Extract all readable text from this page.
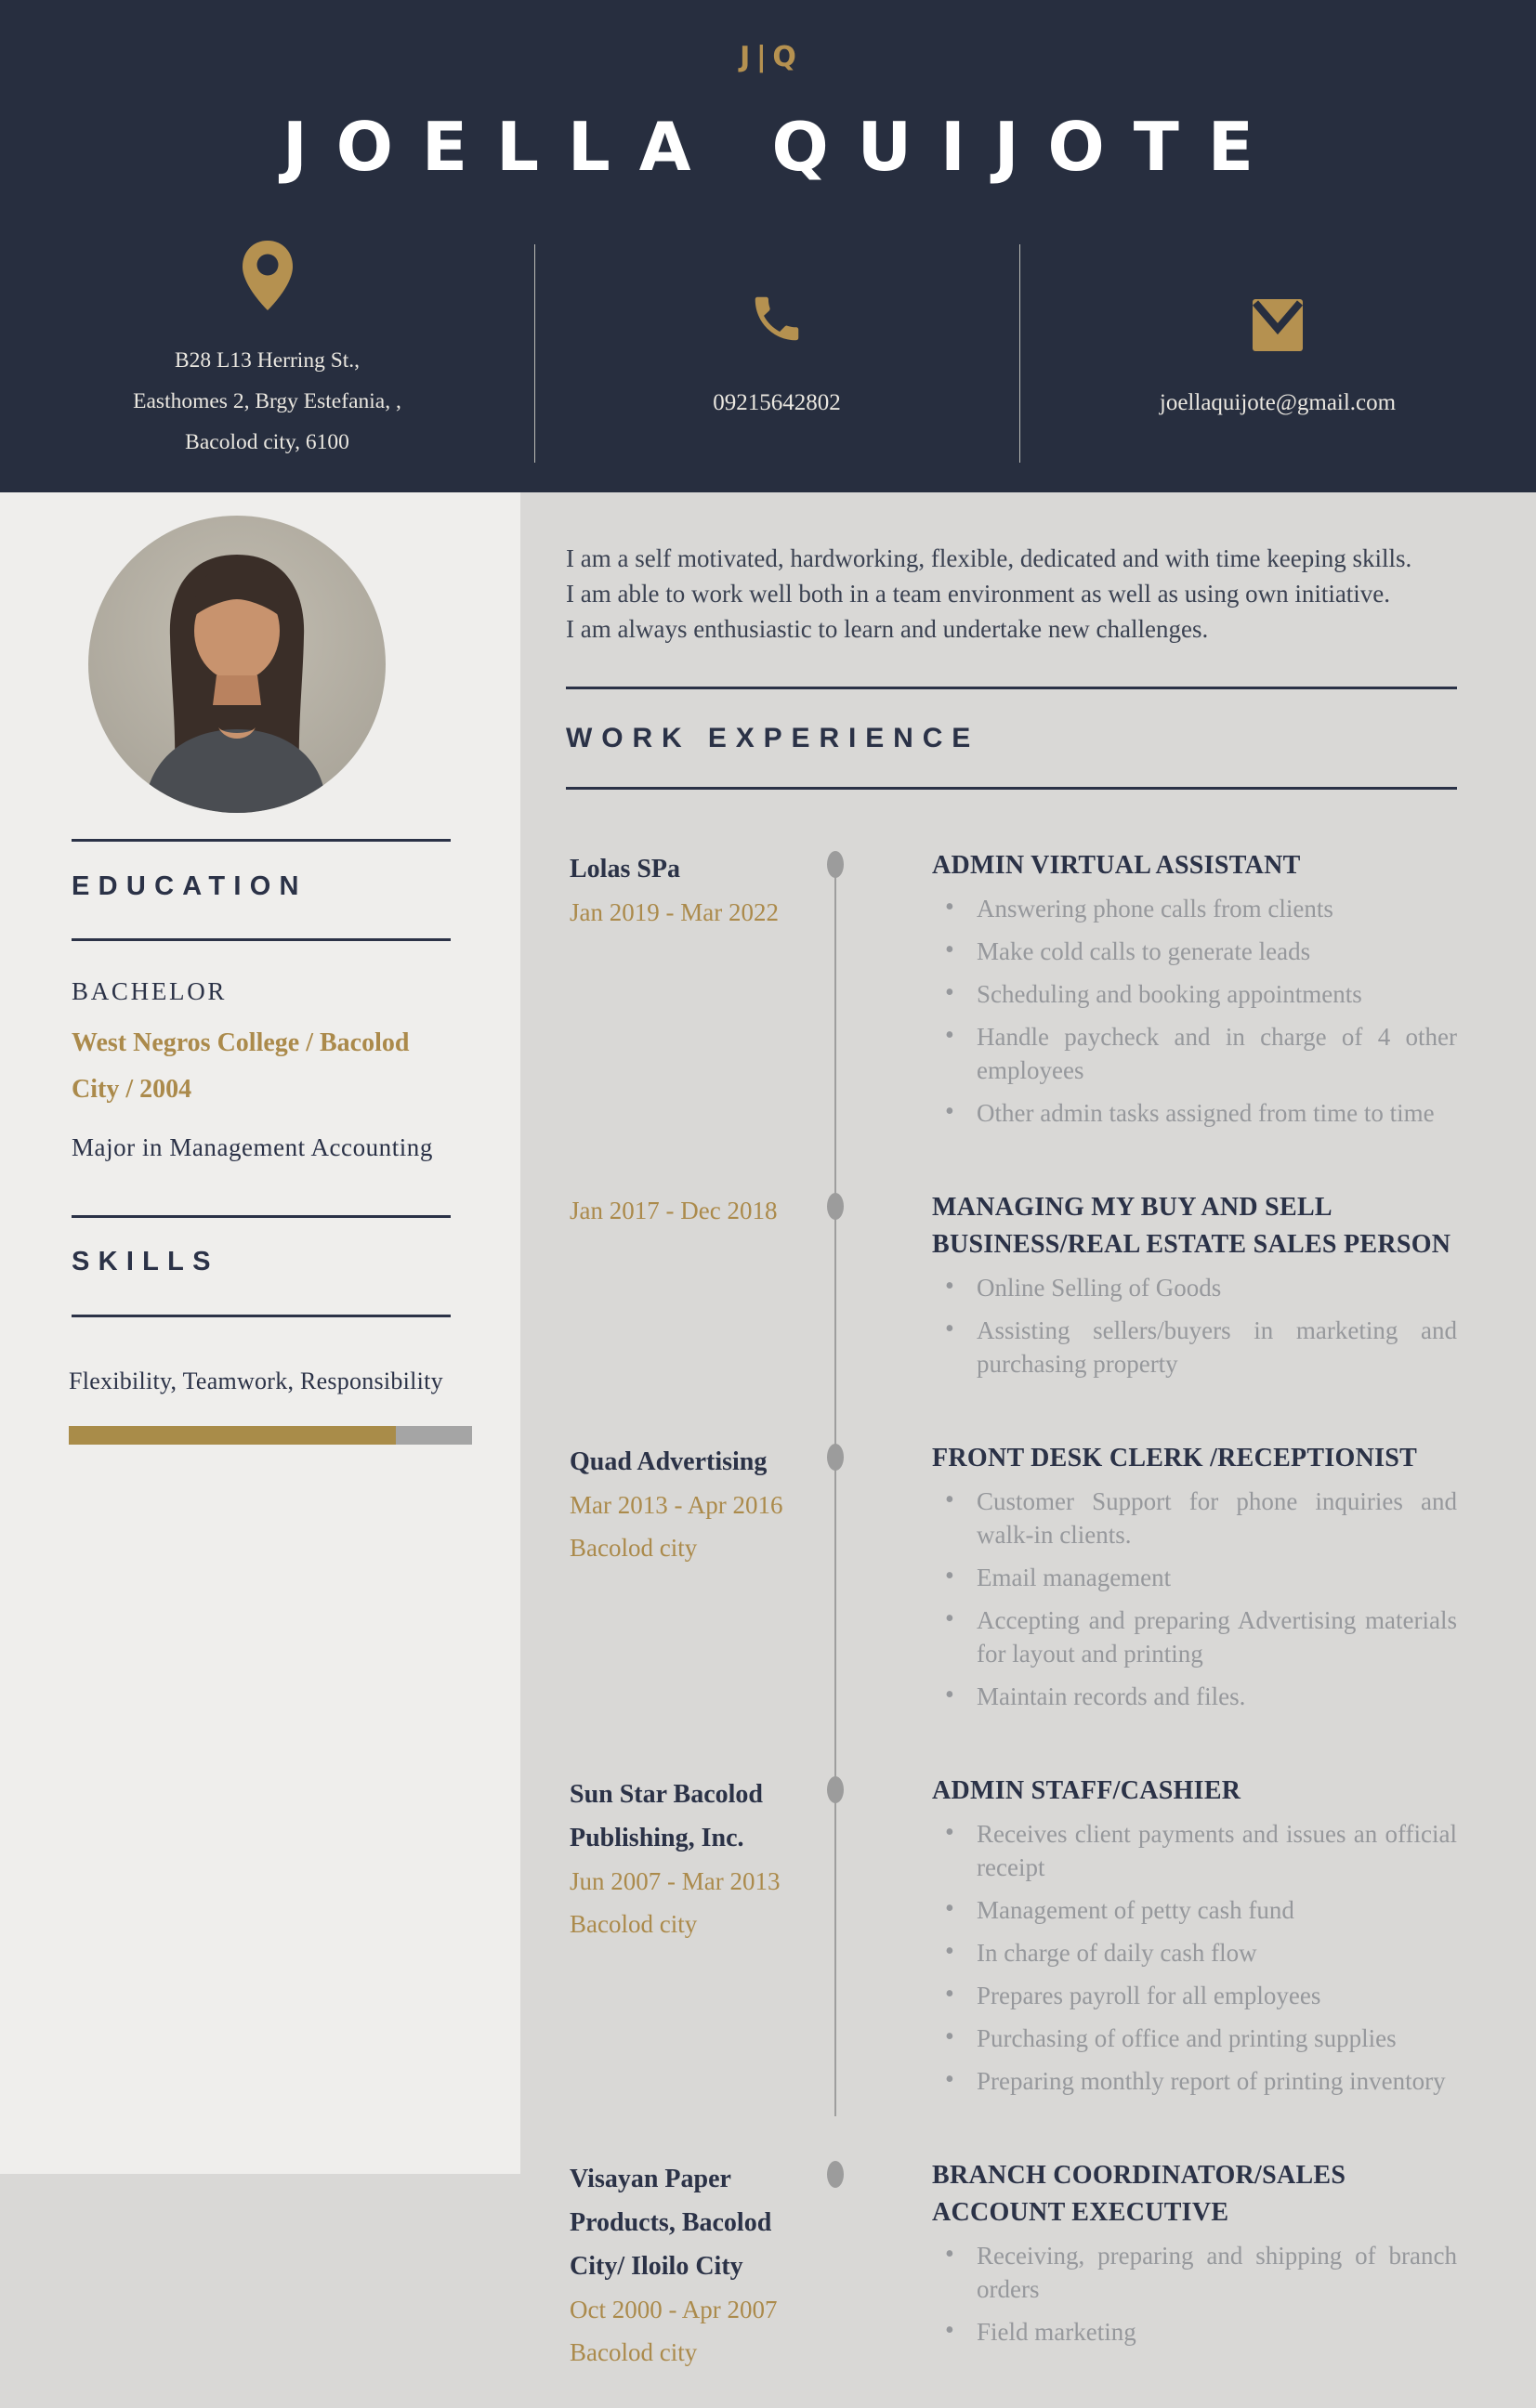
J|Q
JOELLA QUIJOTE
B28 L13 Herring St.,
Easthomes 2, Brgy Estefania, ,
Bacolod city, 6100
09215642802	joellaquijote@gmail.com
EDUCATION
BACHELOR
West Negros College / Bacolod City / 2004
Major in Management Accounting
SKILLS
Flexibility, Teamwork, Responsibility
I am a self motivated, hardworking, flexible, dedicated and with time keeping skills.
I am able to work well both in a team environment as well as using own initiative.
I am always enthusiastic to learn and undertake new challenges.
WORK EXPERIENCE
Lolas SPa
Jan 2019 - Mar 2022
ADMIN VIRTUAL ASSISTANT
• Answering phone calls from clients
• Make cold calls to generate leads
• Scheduling and booking appointments
• Handle paycheck and in charge of 4 other employees
• Other admin tasks assigned from time to time
Jan 2017 - Dec 2018	MANAGING MY BUY AND SELL BUSINESS/REAL ESTATE SALES PERSON
• Online Selling of Goods
• Assisting sellers/buyers in marketing and purchasing property
Quad Advertising
Mar 2013 - Apr 2016
Bacolod city
FRONT DESK CLERK /RECEPTIONIST
• Customer Support for phone inquiries and walk-in clients.
• Email management
• Accepting and preparing Advertising materials for layout and printing
• Maintain records and files.
Sun Star Bacolod Publishing, Inc.
Jun 2007 - Mar 2013
Bacolod city
ADMIN STAFF/CASHIER
• Receives client payments and issues an official receipt
• Management of petty cash fund
• In charge of daily cash flow
• Prepares payroll for all employees
• Purchasing of office and printing supplies
• Preparing monthly report of printing inventory
Visayan Paper Products, Bacolod City/ Iloilo City
Oct 2000 - Apr 2007
Bacolod city
BRANCH COORDINATOR/SALES ACCOUNT EXECUTIVE
• Receiving, preparing and shipping of branch orders
• Field marketing
